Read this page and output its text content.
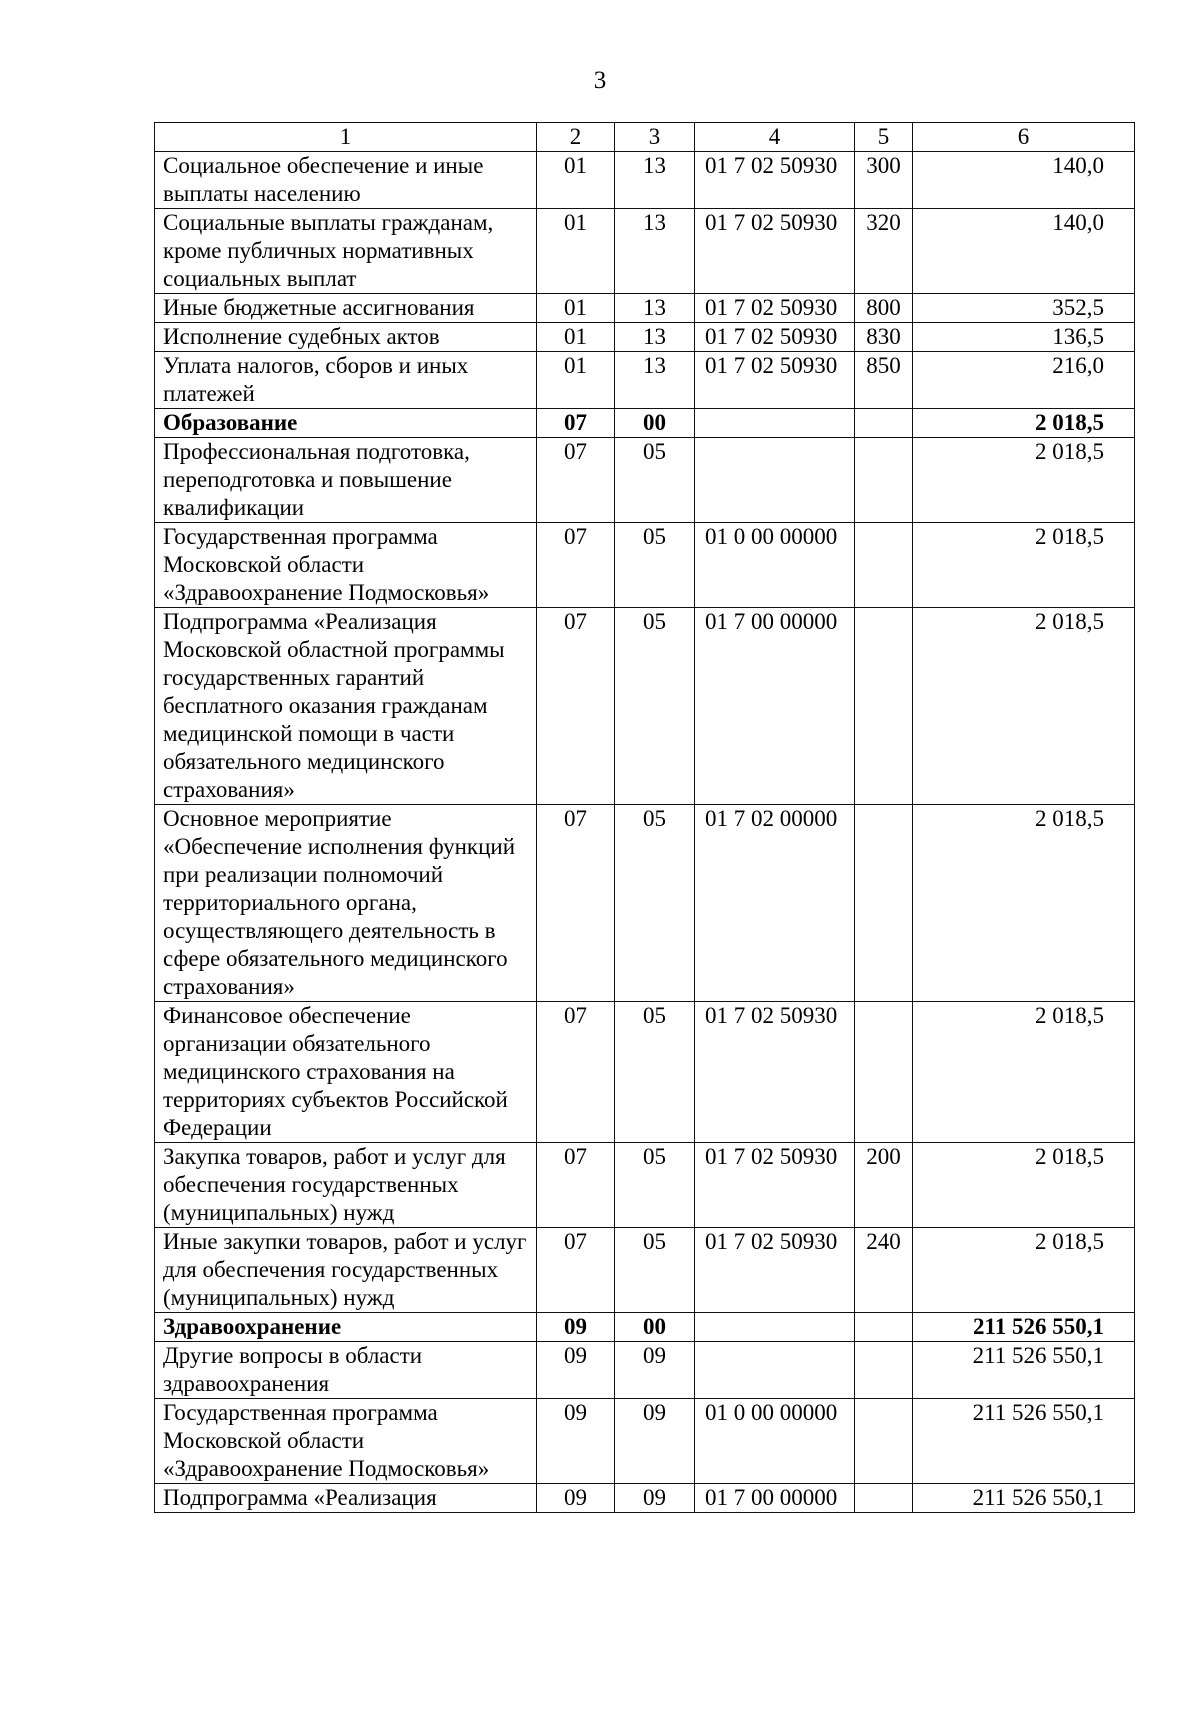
3
1	2	3	4	5	6
Социальное обеспечение и иные выплаты населению	01	13	01 7 02 50930	300	140,0
Социальные выплаты гражданам, кроме публичных нормативных социальных выплат	01	13	01 7 02 50930	320	140,0
Иные бюджетные ассигнования	01	13	01 7 02 50930	800	352,5
Исполнение судебных актов	01	13	01 7 02 50930	830	136,5
Уплата налогов, сборов и иных платежей	01	13	01 7 02 50930	850	216,0
Образование	07	00			2 018,5
Профессиональная подготовка, переподготовка и повышение квалификации	07	05			2 018,5
Государственная программа Московской области «Здравоохранение Подмосковья»	07	05	01 0 00 00000		2 018,5
Подпрограмма «Реализация Московской областной программы государственных гарантий бесплатного оказания гражданам медицинской помощи в части обязательного медицинского страхования»	07	05	01 7 00 00000		2 018,5
Основное мероприятие «Обеспечение исполнения функций при реализации полномочий территориального органа, осуществляющего деятельность в сфере обязательного медицинского страхования»	07	05	01 7 02 00000		2 018,5
Финансовое обеспечение организации обязательного медицинского страхования на территориях субъектов Российской Федерации	07	05	01 7 02 50930		2 018,5
Закупка товаров, работ и услуг для обеспечения государственных (муниципальных) нужд	07	05	01 7 02 50930	200	2 018,5
Иные закупки товаров, работ и услуг для обеспечения государственных (муниципальных) нужд	07	05	01 7 02 50930	240	2 018,5
Здравоохранение	09	00			211 526 550,1
Другие вопросы в области здравоохранения	09	09			211 526 550,1
Государственная программа Московской области «Здравоохранение Подмосковья»	09	09	01 0 00 00000		211 526 550,1
Подпрограмма «Реализация	09	09	01 7 00 00000		211 526 550,1
